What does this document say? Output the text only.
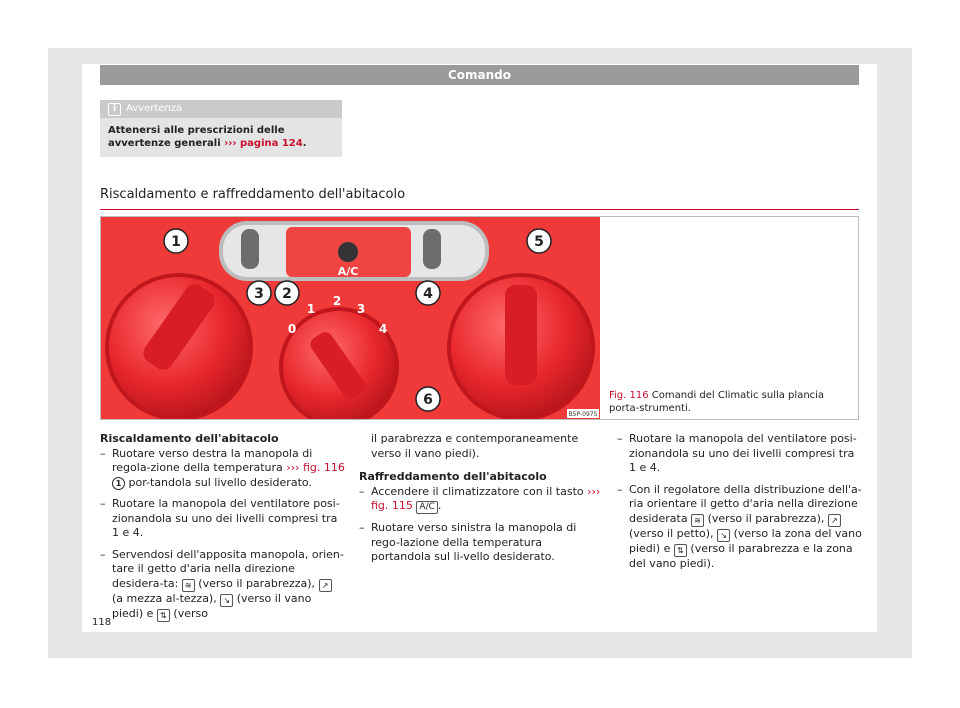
Comando
i Avvertenza
Attenersi alle prescrizioni delle avvertenze generali ››› pagina 124.
Riscaldamento e raffreddamento dell'abitacolo
A/C
B5P-0975
0
1
2
3
4
1
2
3	4
5
6	Fig. 116 Comandi del Climatic sulla plancia porta-strumenti.
Riscaldamento dell'abitacolo
– Ruotare verso destra la manopola di regola-zione della temperatura ››› fig. 116 1 por-tandola sul livello desiderato.
– Ruotare la manopola del ventilatore posi-zionandola su uno dei livelli compresi tra 1 e 4.
– Servendosi dell'apposita manopola, orien-tare il getto d'aria nella direzione desidera-ta: ≋ (verso il parabrezza), ↗ (a mezza al-tezza), ↘ (verso il vano piedi) e ⇅ (verso
il parabrezza e contemporaneamente verso il vano piedi).
Raffreddamento dell'abitacolo
– Accendere il climatizzatore con il tasto ››› fig. 115 A/C .
– Ruotare verso sinistra la manopola di rego-lazione della temperatura portandola sul li-vello desiderato.
– Ruotare la manopola del ventilatore posi-zionandola su uno dei livelli compresi tra 1 e 4.
– Con il regolatore della distribuzione dell'a-ria orientare il getto d'aria nella direzione desiderata ≋ (verso il parabrezza), ↗ (verso il petto), ↘ (verso la zona del vano piedi) e ⇅ (verso il parabrezza e la zona del vano piedi).
118
